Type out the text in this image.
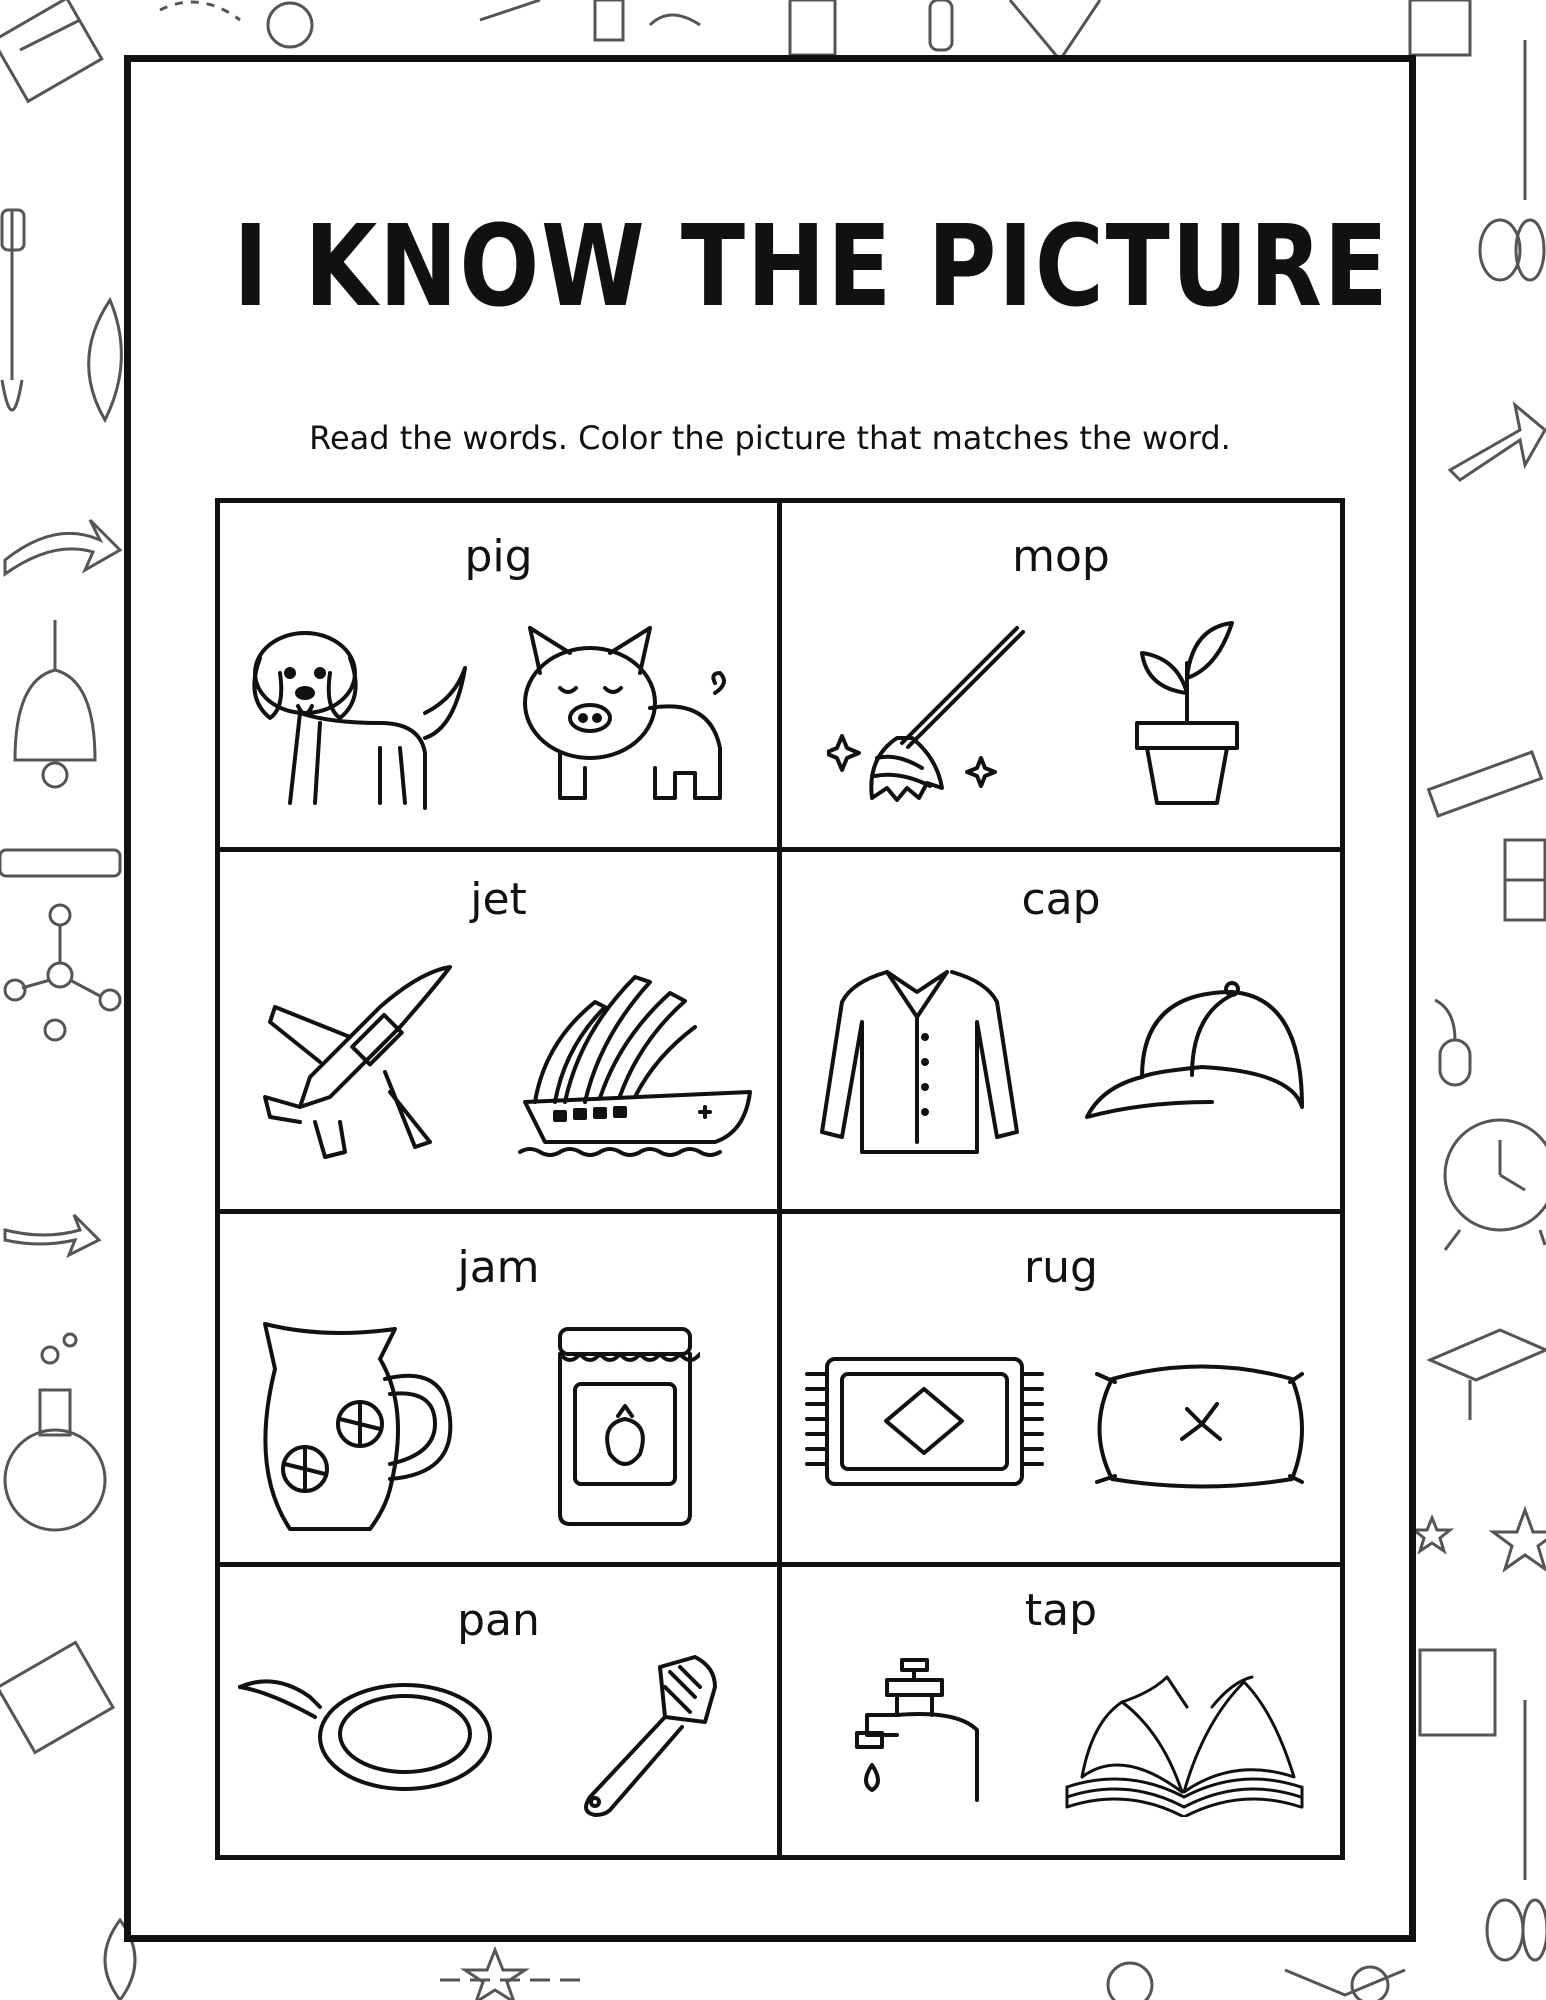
I KNOW THE PICTURE
Read the words. Color the picture that matches the word.
pig	mop
jet	cap
jam	rug
pan	tap
